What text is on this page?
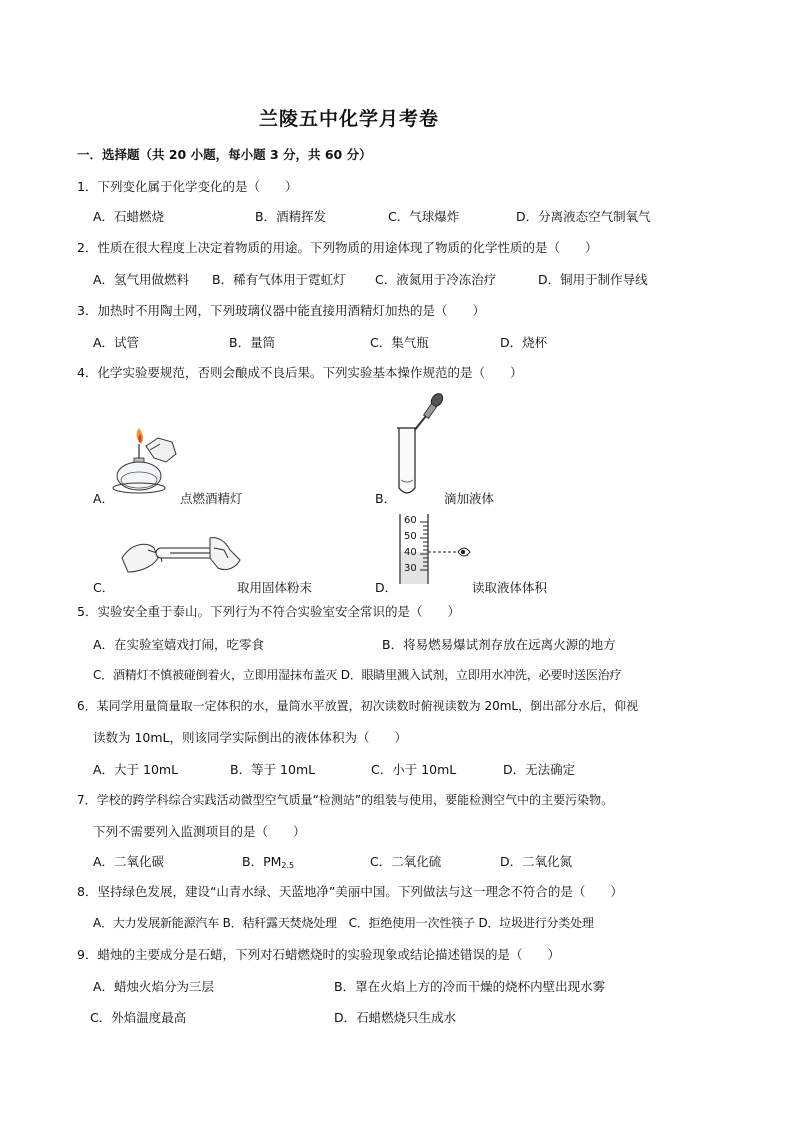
兰陵五中化学月考卷
一．选择题（共 20 小题，每小题 3 分，共 60 分）
1．下列变化属于化学变化的是（　　）
A．石蜡燃烧	B．酒精挥发	C．气球爆炸	D．分离液态空气制氧气
2．性质在很大程度上决定着物质的用途。下列物质的用途体现了物质的化学性质的是（　　）
A．氢气用做燃料 B．稀有气体用于霓虹灯 C．液氮用于冷冻治疗	D．铜用于制作导线
3．加热时不用陶土网，下列玻璃仪器中能直接用酒精灯加热的是（　　）
A．试管	B．量筒	C．集气瓶	D．烧杯
4．化学实验要规范，否则会酿成不良后果。下列实验基本操作规范的是（　　）
A．	点燃酒精灯	B．	滴加液体
C．	取用固体粉末
60
50
40
30
D．	读取液体体积
5．实验安全重于泰山。下列行为不符合实验室安全常识的是（　　）
A．在实验室嬉戏打闹，吃零食	B．将易燃易爆试剂存放在远离火源的地方
C．酒精灯不慎被碰倒着火，立即用湿抹布盖灭 D．眼睛里溅入试剂，立即用水冲洗，必要时送医治疗
6．某同学用量筒量取一定体积的水，量筒水平放置，初次读数时俯视读数为 20mL，倒出部分水后，仰视
读数为 10mL，则该同学实际倒出的液体体积为（　　）
A．大于 10mL	B．等于 10mL	C．小于 10mL	D．无法确定
7．学校的跨学科综合实践活动微型空气质量“检测站”的组装与使用，要能检测空气中的主要污染物。
下列不需要列入监测项目的是（　　）
A．二氧化碳	B．$PM_{2.5}$	C．二氧化硫	D．二氧化氮
8．坚持绿色发展，建设“山青水绿、天蓝地净”美丽中国。下列做法与这一理念不符合的是（　　）
A．大力发展新能源汽车 B．秸秆露天焚烧处理　C．拒绝使用一次性筷子 D．垃圾进行分类处理
9．蜡烛的主要成分是石蜡，下列对石蜡燃烧时的实验现象或结论描述错误的是（　　）
A．蜡烛火焰分为三层	B．罩在火焰上方的冷而干燥的烧杯内壁出现水雾
C．外焰温度最高	D．石蜡燃烧只生成水
